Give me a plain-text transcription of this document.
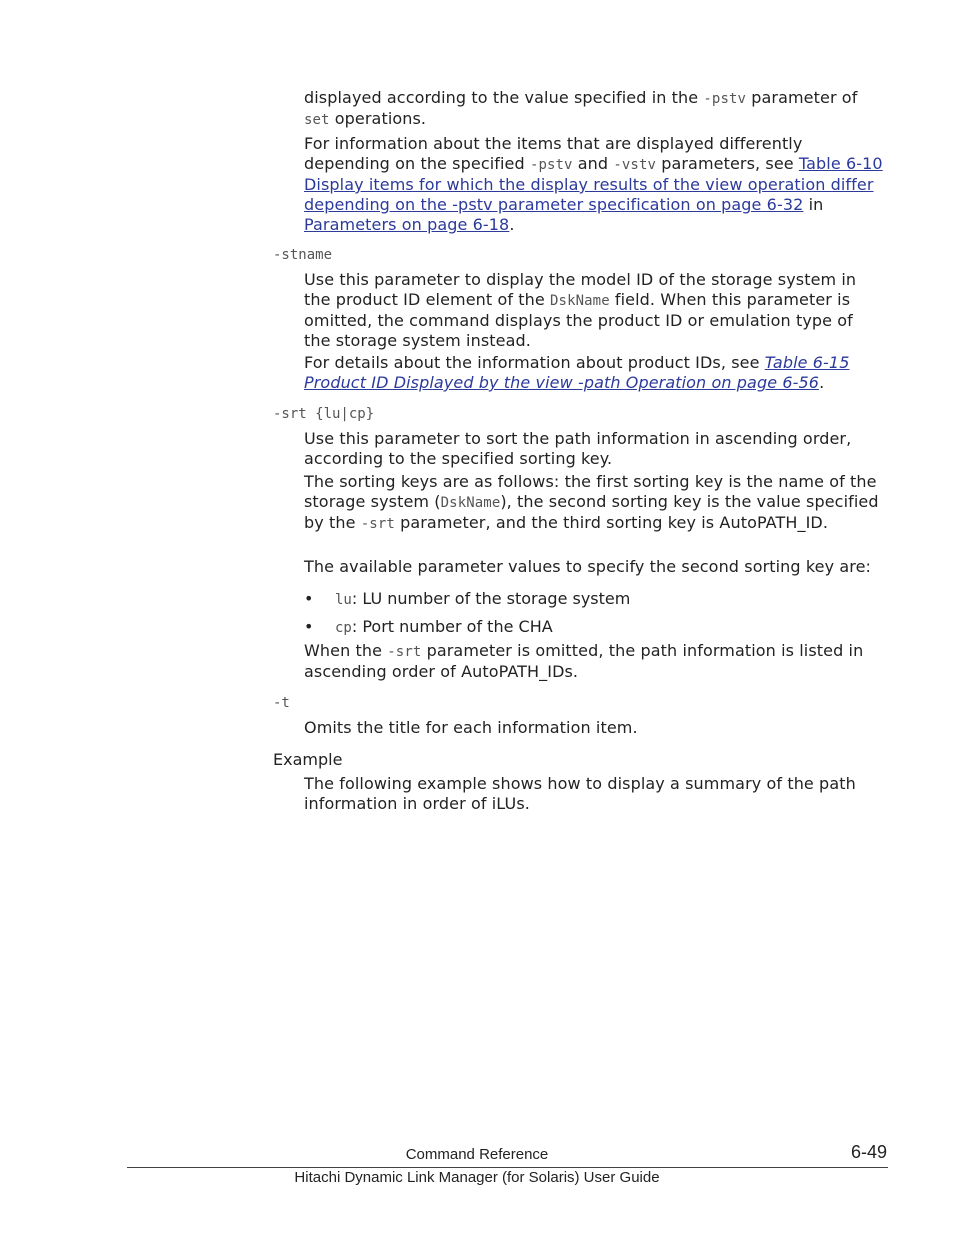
displayed according to the value specified in the -pstv parameter of
set operations.

For information about the items that are displayed differently depending on the specified -pstv and -vstv parameters, see Table 6-10 Display items for which the display results of the view operation differ depending on the -pstv parameter specification on page 6-32 in Parameters on page 6-18.

-stname

Use this parameter to display the model ID of the storage system in the product ID element of the DskName field. When this parameter is omitted, the command displays the product ID or emulation type of the storage system instead.

For details about the information about product IDs, see Table 6-15 Product ID Displayed by the view -path Operation on page 6-56.

-srt {lu|cp}

Use this parameter to sort the path information in ascending order, according to the specified sorting key.

The sorting keys are as follows: the first sorting key is the name of the storage system (DskName), the second sorting key is the value specified by the -srt parameter, and the third sorting key is AutoPATH_ID.

The available parameter values to specify the second sorting key are:

• lu: LU number of the storage system

• cp: Port number of the CHA

When the -srt parameter is omitted, the path information is listed in ascending order of AutoPATH_IDs.

-t

Omits the title for each information item.

Example

The following example shows how to display a summary of the path information in order of iLUs.

Command Reference	6-49
Hitachi Dynamic Link Manager (for Solaris) User Guide
